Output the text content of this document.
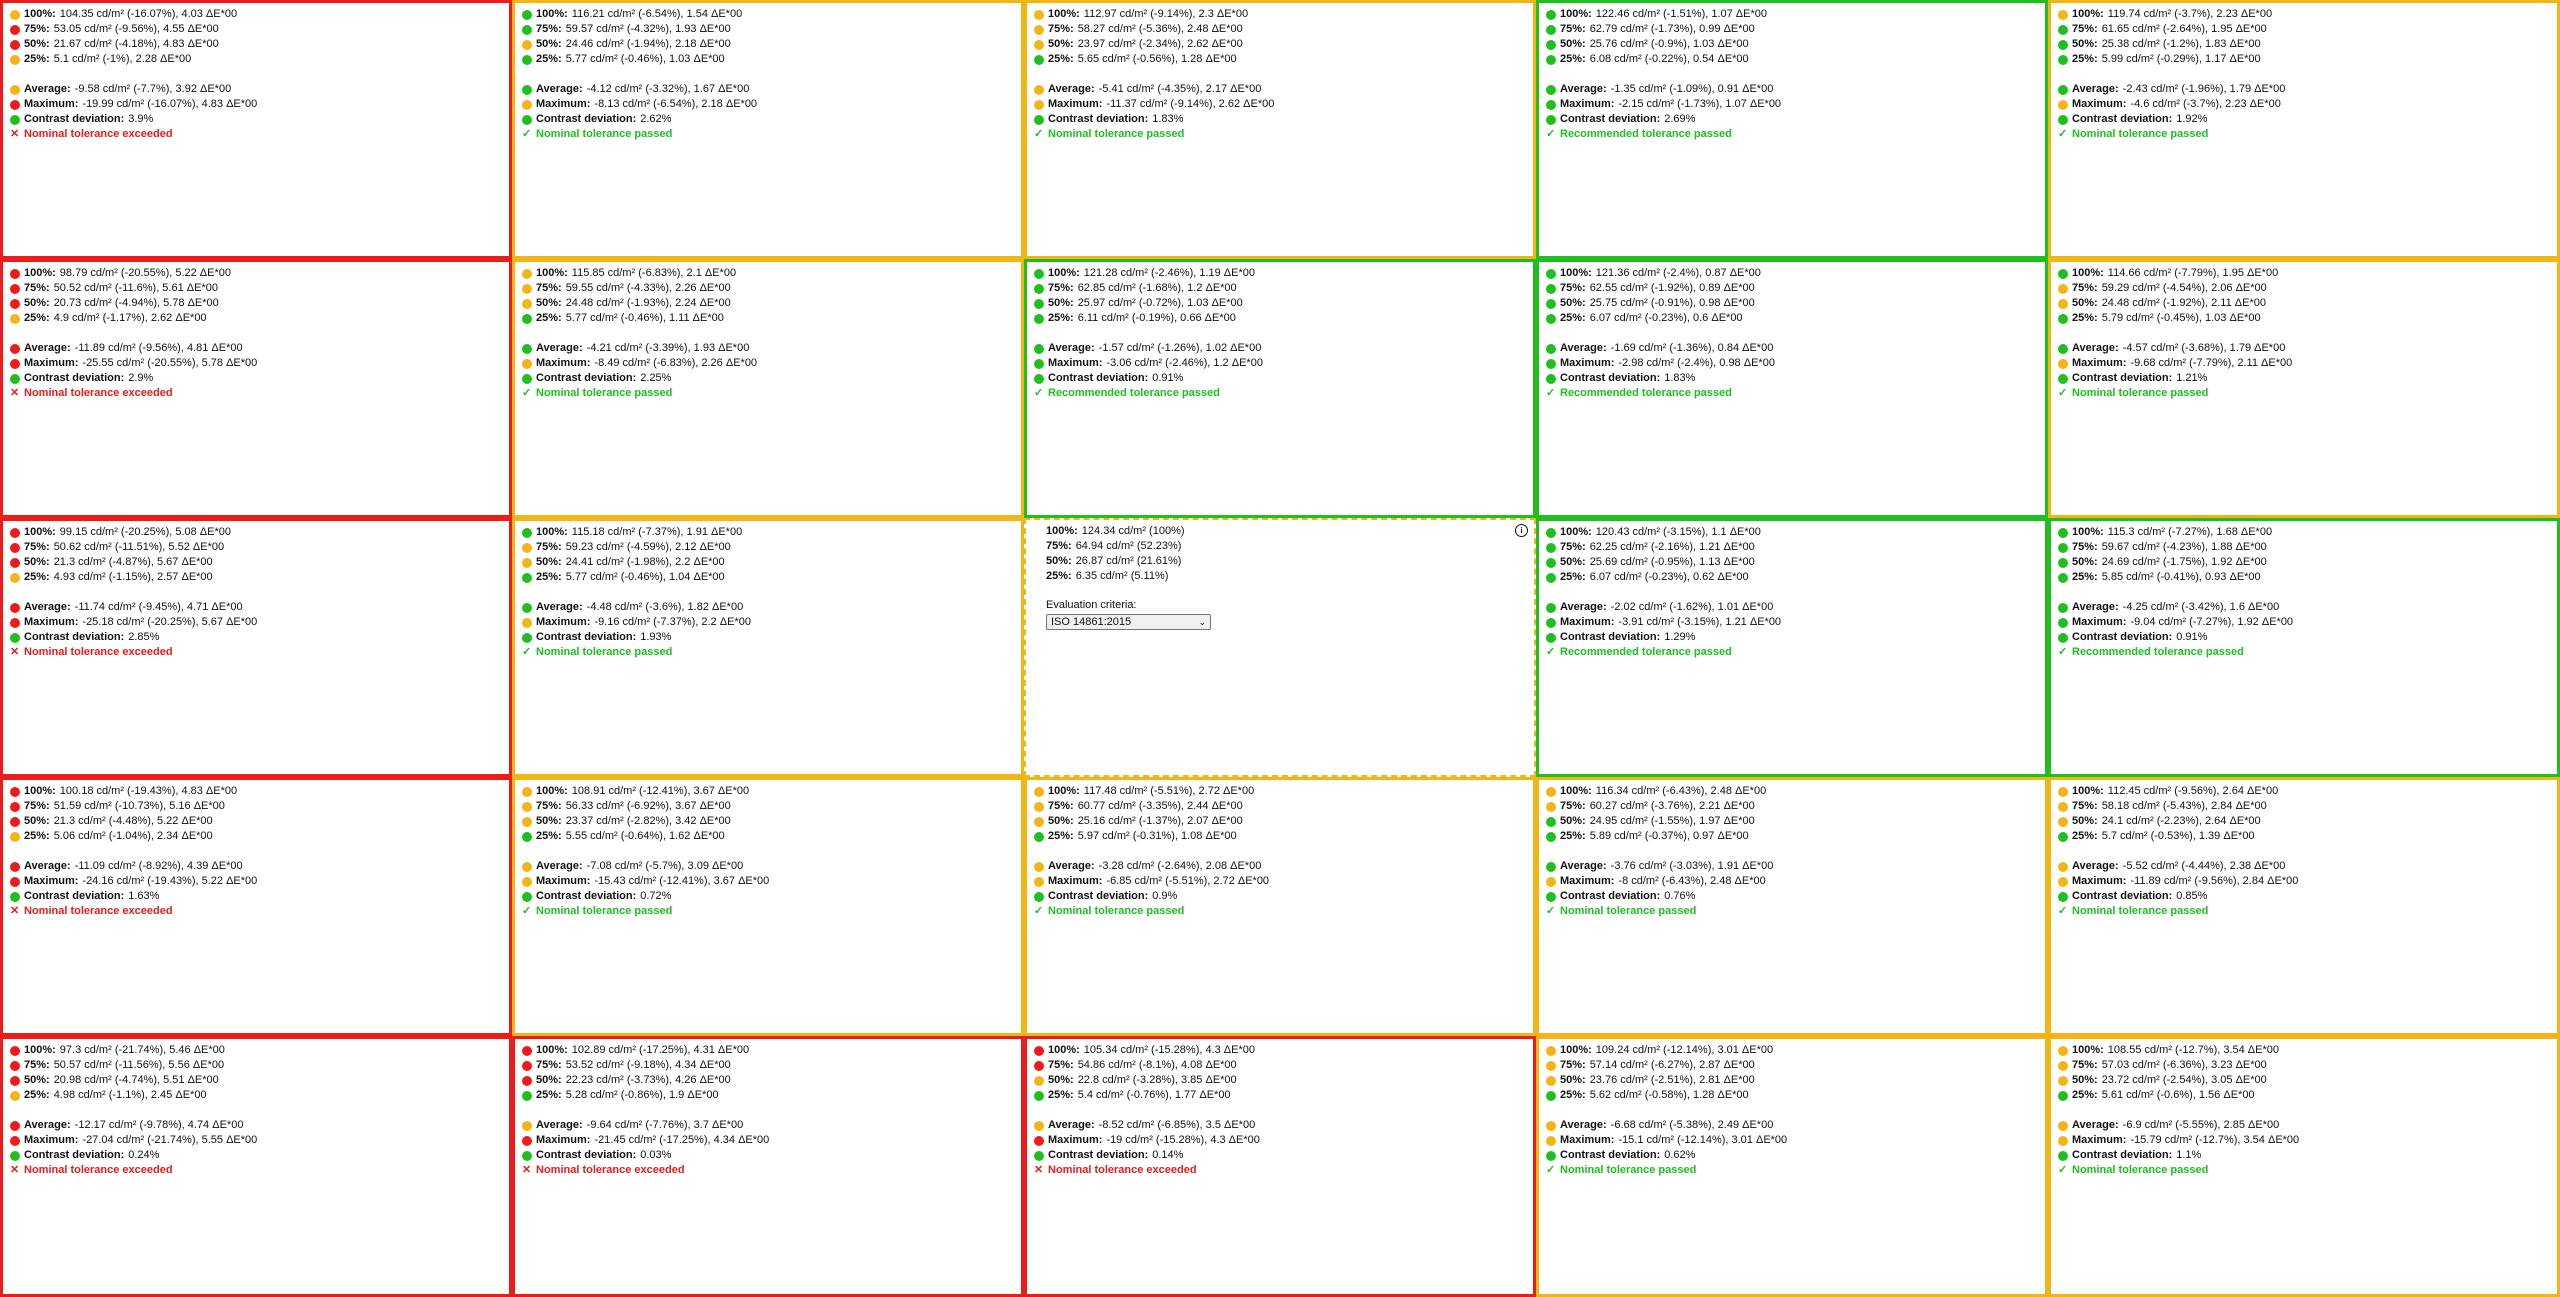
100%: 104.35 cd/m² (-16.07%), 4.03 ΔE*00
75%: 53.05 cd/m² (-9.56%), 4.55 ΔE*00
50%: 21.67 cd/m² (-4.18%), 4.83 ΔE*00
25%: 5.1 cd/m² (-1%), 2.28 ΔE*00
Average: -9.58 cd/m² (-7.7%), 3.92 ΔE*00
Maximum: -19.99 cd/m² (-16.07%), 4.83 ΔE*00
Contrast deviation: 3.9%
✕ Nominal tolerance exceeded
100%: 116.21 cd/m² (-6.54%), 1.54 ΔE*00
75%: 59.57 cd/m² (-4.32%), 1.93 ΔE*00
50%: 24.46 cd/m² (-1.94%), 2.18 ΔE*00
25%: 5.77 cd/m² (-0.46%), 1.03 ΔE*00
Average: -4.12 cd/m² (-3.32%), 1.67 ΔE*00
Maximum: -8.13 cd/m² (-6.54%), 2.18 ΔE*00
Contrast deviation: 2.62%
✓ Nominal tolerance passed
100%: 112.97 cd/m² (-9.14%), 2.3 ΔE*00
75%: 58.27 cd/m² (-5.36%), 2.48 ΔE*00
50%: 23.97 cd/m² (-2.34%), 2.62 ΔE*00
25%: 5.65 cd/m² (-0.56%), 1.28 ΔE*00
Average: -5.41 cd/m² (-4.35%), 2.17 ΔE*00
Maximum: -11.37 cd/m² (-9.14%), 2.62 ΔE*00
Contrast deviation: 1.83%
✓ Nominal tolerance passed
100%: 122.46 cd/m² (-1.51%), 1.07 ΔE*00
75%: 62.79 cd/m² (-1.73%), 0.99 ΔE*00
50%: 25.76 cd/m² (-0.9%), 1.03 ΔE*00
25%: 6.08 cd/m² (-0.22%), 0.54 ΔE*00
Average: -1.35 cd/m² (-1.09%), 0.91 ΔE*00
Maximum: -2.15 cd/m² (-1.73%), 1.07 ΔE*00
Contrast deviation: 2.69%
✓ Recommended tolerance passed
100%: 119.74 cd/m² (-3.7%), 2.23 ΔE*00
75%: 61.65 cd/m² (-2.64%), 1.95 ΔE*00
50%: 25.38 cd/m² (-1.2%), 1.83 ΔE*00
25%: 5.99 cd/m² (-0.29%), 1.17 ΔE*00
Average: -2.43 cd/m² (-1.96%), 1.79 ΔE*00
Maximum: -4.6 cd/m² (-3.7%), 2.23 ΔE*00
Contrast deviation: 1.92%
✓ Nominal tolerance passed
100%: 98.79 cd/m² (-20.55%), 5.22 ΔE*00
75%: 50.52 cd/m² (-11.6%), 5.61 ΔE*00
50%: 20.73 cd/m² (-4.94%), 5.78 ΔE*00
25%: 4.9 cd/m² (-1.17%), 2.62 ΔE*00
Average: -11.89 cd/m² (-9.56%), 4.81 ΔE*00
Maximum: -25.55 cd/m² (-20.55%), 5.78 ΔE*00
Contrast deviation: 2.9%
✕ Nominal tolerance exceeded
100%: 115.85 cd/m² (-6.83%), 2.1 ΔE*00
75%: 59.55 cd/m² (-4.33%), 2.26 ΔE*00
50%: 24.48 cd/m² (-1.93%), 2.24 ΔE*00
25%: 5.77 cd/m² (-0.46%), 1.11 ΔE*00
Average: -4.21 cd/m² (-3.39%), 1.93 ΔE*00
Maximum: -8.49 cd/m² (-6.83%), 2.26 ΔE*00
Contrast deviation: 2.25%
✓ Nominal tolerance passed
100%: 121.28 cd/m² (-2.46%), 1.19 ΔE*00
75%: 62.85 cd/m² (-1.68%), 1.2 ΔE*00
50%: 25.97 cd/m² (-0.72%), 1.03 ΔE*00
25%: 6.11 cd/m² (-0.19%), 0.66 ΔE*00
Average: -1.57 cd/m² (-1.26%), 1.02 ΔE*00
Maximum: -3.06 cd/m² (-2.46%), 1.2 ΔE*00
Contrast deviation: 0.91%
✓ Recommended tolerance passed
100%: 121.36 cd/m² (-2.4%), 0.87 ΔE*00
75%: 62.55 cd/m² (-1.92%), 0.89 ΔE*00
50%: 25.75 cd/m² (-0.91%), 0.98 ΔE*00
25%: 6.07 cd/m² (-0.23%), 0.6 ΔE*00
Average: -1.69 cd/m² (-1.36%), 0.84 ΔE*00
Maximum: -2.98 cd/m² (-2.4%), 0.98 ΔE*00
Contrast deviation: 1.83%
✓ Recommended tolerance passed
100%: 114.66 cd/m² (-7.79%), 1.95 ΔE*00
75%: 59.29 cd/m² (-4.54%), 2.06 ΔE*00
50%: 24.48 cd/m² (-1.92%), 2.11 ΔE*00
25%: 5.79 cd/m² (-0.45%), 1.03 ΔE*00
Average: -4.57 cd/m² (-3.68%), 1.79 ΔE*00
Maximum: -9.68 cd/m² (-7.79%), 2.11 ΔE*00
Contrast deviation: 1.21%
✓ Nominal tolerance passed
100%: 99.15 cd/m² (-20.25%), 5.08 ΔE*00
75%: 50.62 cd/m² (-11.51%), 5.52 ΔE*00
50%: 21.3 cd/m² (-4.87%), 5.67 ΔE*00
25%: 4.93 cd/m² (-1.15%), 2.57 ΔE*00
Average: -11.74 cd/m² (-9.45%), 4.71 ΔE*00
Maximum: -25.18 cd/m² (-20.25%), 5.67 ΔE*00
Contrast deviation: 2.85%
✕ Nominal tolerance exceeded
100%: 115.18 cd/m² (-7.37%), 1.91 ΔE*00
75%: 59.23 cd/m² (-4.59%), 2.12 ΔE*00
50%: 24.41 cd/m² (-1.98%), 2.2 ΔE*00
25%: 5.77 cd/m² (-0.46%), 1.04 ΔE*00
Average: -4.48 cd/m² (-3.6%), 1.82 ΔE*00
Maximum: -9.16 cd/m² (-7.37%), 2.2 ΔE*00
Contrast deviation: 1.93%
✓ Nominal tolerance passed
100%: 124.34 cd/m² (100%)
75%: 64.94 cd/m² (52.23%)
50%: 26.87 cd/m² (21.61%)
25%: 6.35 cd/m² (5.11%)
Evaluation criteria:
ISO 14861:2015	⌄
i	100%: 120.43 cd/m² (-3.15%), 1.1 ΔE*00
75%: 62.25 cd/m² (-2.16%), 1.21 ΔE*00
50%: 25.69 cd/m² (-0.95%), 1.13 ΔE*00
25%: 6.07 cd/m² (-0.23%), 0.62 ΔE*00
Average: -2.02 cd/m² (-1.62%), 1.01 ΔE*00
Maximum: -3.91 cd/m² (-3.15%), 1.21 ΔE*00
Contrast deviation: 1.29%
✓ Recommended tolerance passed
100%: 115.3 cd/m² (-7.27%), 1.68 ΔE*00
75%: 59.67 cd/m² (-4.23%), 1.88 ΔE*00
50%: 24.69 cd/m² (-1.75%), 1.92 ΔE*00
25%: 5.85 cd/m² (-0.41%), 0.93 ΔE*00
Average: -4.25 cd/m² (-3.42%), 1.6 ΔE*00
Maximum: -9.04 cd/m² (-7.27%), 1.92 ΔE*00
Contrast deviation: 0.91%
✓ Recommended tolerance passed
100%: 100.18 cd/m² (-19.43%), 4.83 ΔE*00
75%: 51.59 cd/m² (-10.73%), 5.16 ΔE*00
50%: 21.3 cd/m² (-4.48%), 5.22 ΔE*00
25%: 5.06 cd/m² (-1.04%), 2.34 ΔE*00
Average: -11.09 cd/m² (-8.92%), 4.39 ΔE*00
Maximum: -24.16 cd/m² (-19.43%), 5.22 ΔE*00
Contrast deviation: 1.63%
✕ Nominal tolerance exceeded
100%: 108.91 cd/m² (-12.41%), 3.67 ΔE*00
75%: 56.33 cd/m² (-6.92%), 3.67 ΔE*00
50%: 23.37 cd/m² (-2.82%), 3.42 ΔE*00
25%: 5.55 cd/m² (-0.64%), 1.62 ΔE*00
Average: -7.08 cd/m² (-5.7%), 3.09 ΔE*00
Maximum: -15.43 cd/m² (-12.41%), 3.67 ΔE*00
Contrast deviation: 0.72%
✓ Nominal tolerance passed
100%: 117.48 cd/m² (-5.51%), 2.72 ΔE*00
75%: 60.77 cd/m² (-3.35%), 2.44 ΔE*00
50%: 25.16 cd/m² (-1.37%), 2.07 ΔE*00
25%: 5.97 cd/m² (-0.31%), 1.08 ΔE*00
Average: -3.28 cd/m² (-2.64%), 2.08 ΔE*00
Maximum: -6.85 cd/m² (-5.51%), 2.72 ΔE*00
Contrast deviation: 0.9%
✓ Nominal tolerance passed
100%: 116.34 cd/m² (-6.43%), 2.48 ΔE*00
75%: 60.27 cd/m² (-3.76%), 2.21 ΔE*00
50%: 24.95 cd/m² (-1.55%), 1.97 ΔE*00
25%: 5.89 cd/m² (-0.37%), 0.97 ΔE*00
Average: -3.76 cd/m² (-3.03%), 1.91 ΔE*00
Maximum: -8 cd/m² (-6.43%), 2.48 ΔE*00
Contrast deviation: 0.76%
✓ Nominal tolerance passed
100%: 112.45 cd/m² (-9.56%), 2.64 ΔE*00
75%: 58.18 cd/m² (-5.43%), 2.84 ΔE*00
50%: 24.1 cd/m² (-2.23%), 2.64 ΔE*00
25%: 5.7 cd/m² (-0.53%), 1.39 ΔE*00
Average: -5.52 cd/m² (-4.44%), 2.38 ΔE*00
Maximum: -11.89 cd/m² (-9.56%), 2.84 ΔE*00
Contrast deviation: 0.85%
✓ Nominal tolerance passed
100%: 97.3 cd/m² (-21.74%), 5.46 ΔE*00
75%: 50.57 cd/m² (-11.56%), 5.56 ΔE*00
50%: 20.98 cd/m² (-4.74%), 5.51 ΔE*00
25%: 4.98 cd/m² (-1.1%), 2.45 ΔE*00
Average: -12.17 cd/m² (-9.78%), 4.74 ΔE*00
Maximum: -27.04 cd/m² (-21.74%), 5.55 ΔE*00
Contrast deviation: 0.24%
✕ Nominal tolerance exceeded
100%: 102.89 cd/m² (-17.25%), 4.31 ΔE*00
75%: 53.52 cd/m² (-9.18%), 4.34 ΔE*00
50%: 22.23 cd/m² (-3.73%), 4.26 ΔE*00
25%: 5.28 cd/m² (-0.86%), 1.9 ΔE*00
Average: -9.64 cd/m² (-7.76%), 3.7 ΔE*00
Maximum: -21.45 cd/m² (-17.25%), 4.34 ΔE*00
Contrast deviation: 0.03%
✕ Nominal tolerance exceeded
100%: 105.34 cd/m² (-15.28%), 4.3 ΔE*00
75%: 54.86 cd/m² (-8.1%), 4.08 ΔE*00
50%: 22.8 cd/m² (-3.28%), 3.85 ΔE*00
25%: 5.4 cd/m² (-0.76%), 1.77 ΔE*00
Average: -8.52 cd/m² (-6.85%), 3.5 ΔE*00
Maximum: -19 cd/m² (-15.28%), 4.3 ΔE*00
Contrast deviation: 0.14%
✕ Nominal tolerance exceeded
100%: 109.24 cd/m² (-12.14%), 3.01 ΔE*00
75%: 57.14 cd/m² (-6.27%), 2.87 ΔE*00
50%: 23.76 cd/m² (-2.51%), 2.81 ΔE*00
25%: 5.62 cd/m² (-0.58%), 1.28 ΔE*00
Average: -6.68 cd/m² (-5.38%), 2.49 ΔE*00
Maximum: -15.1 cd/m² (-12.14%), 3.01 ΔE*00
Contrast deviation: 0.62%
✓ Nominal tolerance passed
100%: 108.55 cd/m² (-12.7%), 3.54 ΔE*00
75%: 57.03 cd/m² (-6.36%), 3.23 ΔE*00
50%: 23.72 cd/m² (-2.54%), 3.05 ΔE*00
25%: 5.61 cd/m² (-0.6%), 1.56 ΔE*00
Average: -6.9 cd/m² (-5.55%), 2.85 ΔE*00
Maximum: -15.79 cd/m² (-12.7%), 3.54 ΔE*00
Contrast deviation: 1.1%
✓ Nominal tolerance passed
